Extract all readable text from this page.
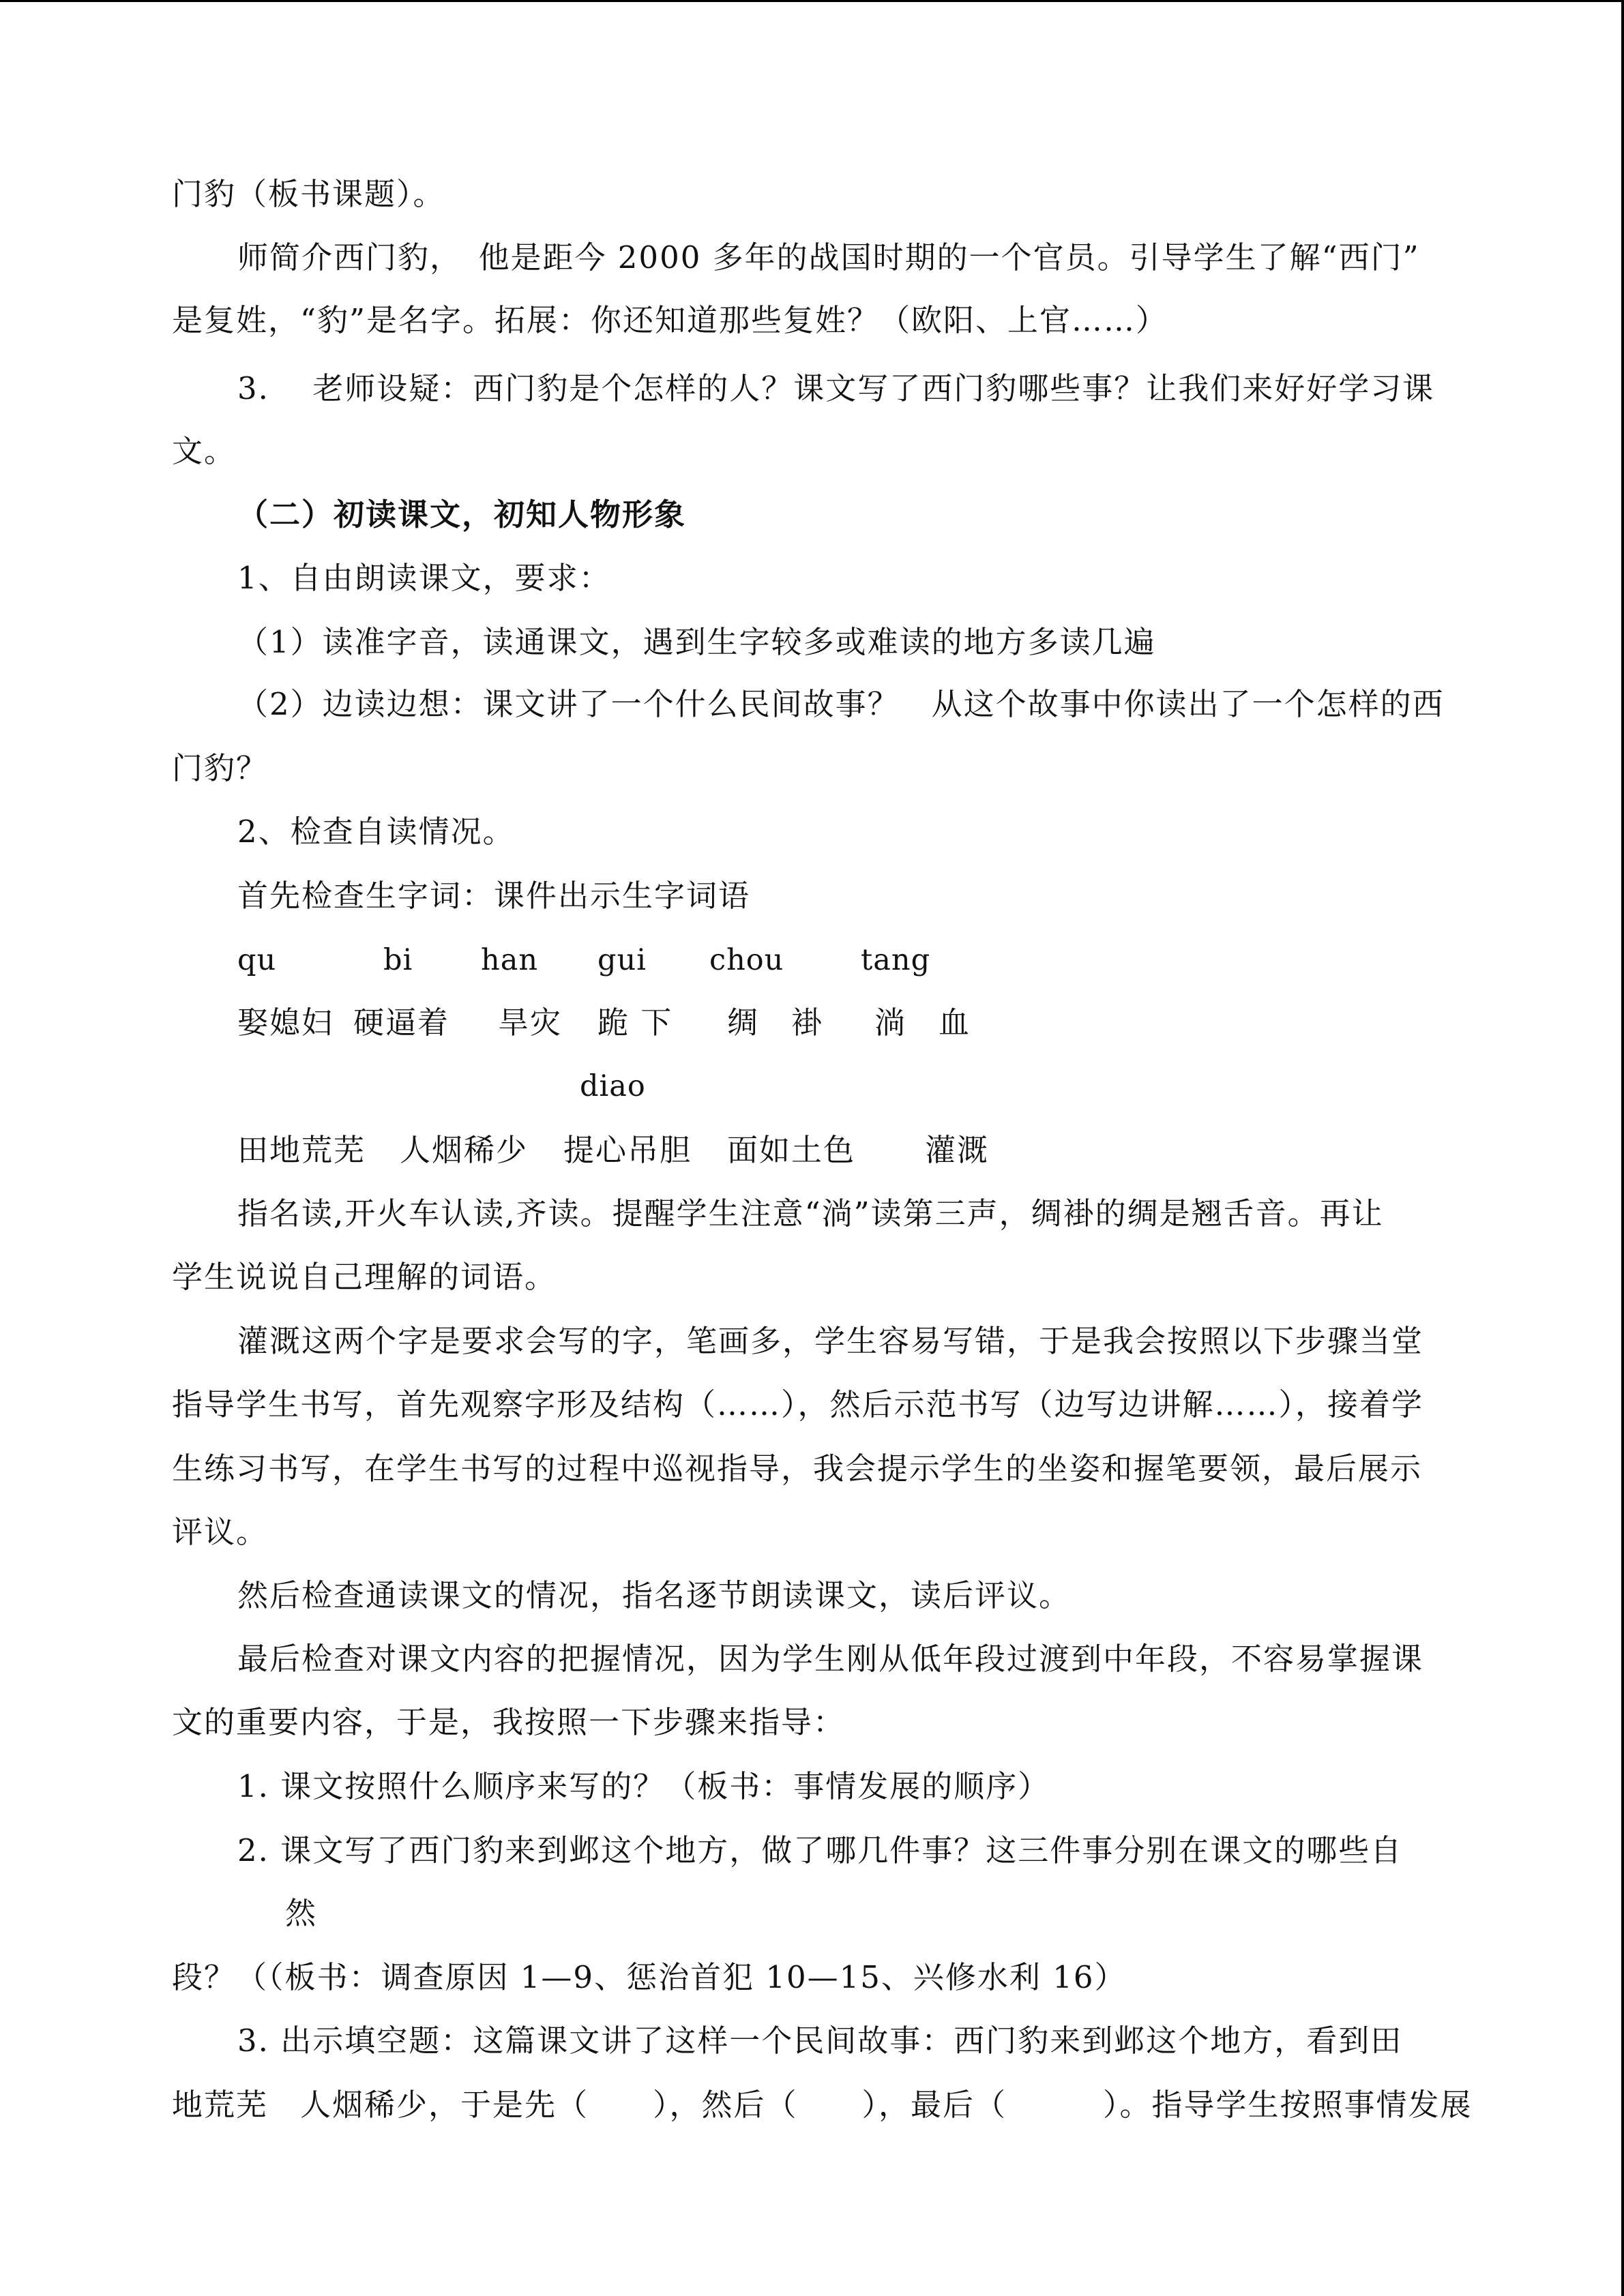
门豹（板书课题）。
师简介西门豹，　他是距今 2000 多年的战国时期的一个官员。引导学生了解“西门”
是复姓，“豹”是名字。拓展：你还知道那些复姓？（欧阳、上官……）
3.　 老师设疑：西门豹是个怎样的人？课文写了西门豹哪些事？让我们来好好学习课
文。
（二）初读课文，初知人物形象
1、自由朗读课文，要求：
（1）读准字音，读通课文，遇到生字较多或难读的地方多读几遍
（2）边读边想：课文讲了一个什么民间故事？　从这个故事中你读出了一个怎样的西
门豹？
2、检查自读情况。
首先检查生字词：课件出示生字词语
qu	bi han gui chou	tang
娶媳妇 硬逼着 旱灾 跪 下 绸　褂 淌　血
diao
田地荒芜 人烟稀少 提心吊胆 面如土色 灌溉
指名读,开火车认读,齐读。提醒学生注意“淌”读第三声，绸褂的绸是翘舌音。再让
学生说说自己理解的词语。
灌溉这两个字是要求会写的字，笔画多，学生容易写错，于是我会按照以下步骤当堂
指导学生书写，首先观察字形及结构（……），然后示范书写（边写边讲解……），接着学
生练习书写，在学生书写的过程中巡视指导，我会提示学生的坐姿和握笔要领，最后展示
评议。
然后检查通读课文的情况，指名逐节朗读课文，读后评议。
最后检查对课文内容的把握情况，因为学生刚从低年段过渡到中年段，不容易掌握课
文的重要内容，于是，我按照一下步骤来指导：
1. 课文按照什么顺序来写的？（板书：事情发展的顺序）
2. 课文写了西门豹来到邺这个地方，做了哪几件事？这三件事分别在课文的哪些自
然
段？（（板书：调查原因 1—9、惩治首犯 10—15、兴修水利 16）
3. 出示填空题：这篇课文讲了这样一个民间故事：西门豹来到邺这个地方，看到田
地荒芜　人烟稀少，于是先（　　），然后（　　），最后（　　　）。指导学生按照事情发展
